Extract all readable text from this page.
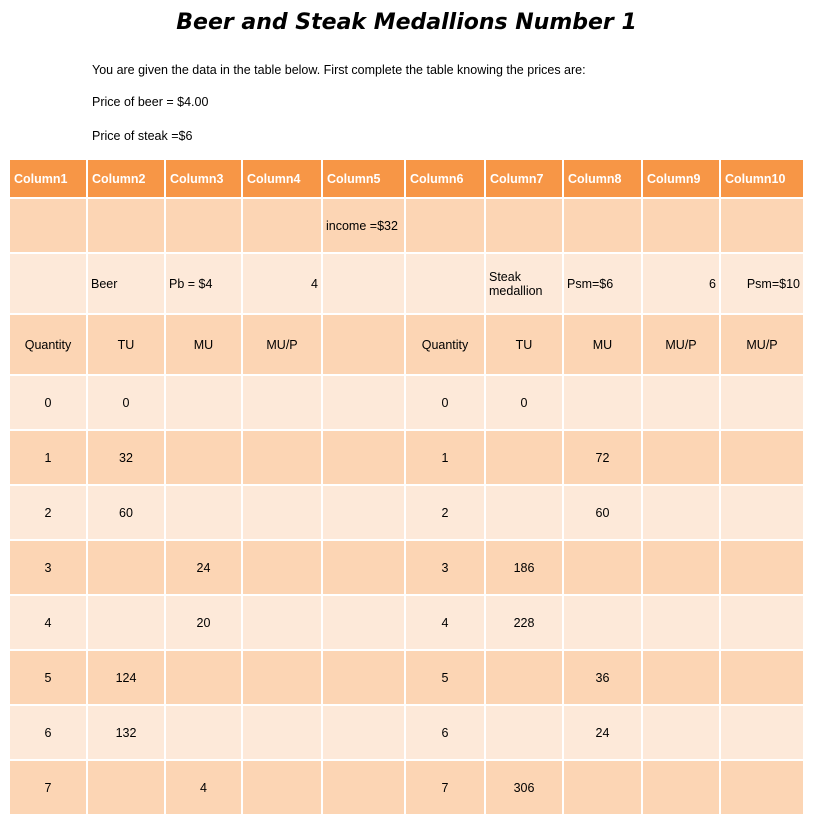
Beer and Steak Medallions Number 1
You are given the data in the table below. First complete the table knowing the prices are:
Price of beer = $4.00
Price of steak =$6
Column1	Column2	Column3	Column4	Column5	Column6	Column7	Column8	Column9	Column10
				income =$32					
	Beer	Pb = $4	4			Steak medallion	Psm=$6	6	Psm=$10
Quantity	TU	MU	MU/P		Quantity	TU	MU	MU/P	MU/P
0	0				0	0			
1	32				1		72		
2	60				2		60		
3		24			3	186			
4		20			4	228			
5	124				5		36		
6	132				6		24		
7		4			7	306			
